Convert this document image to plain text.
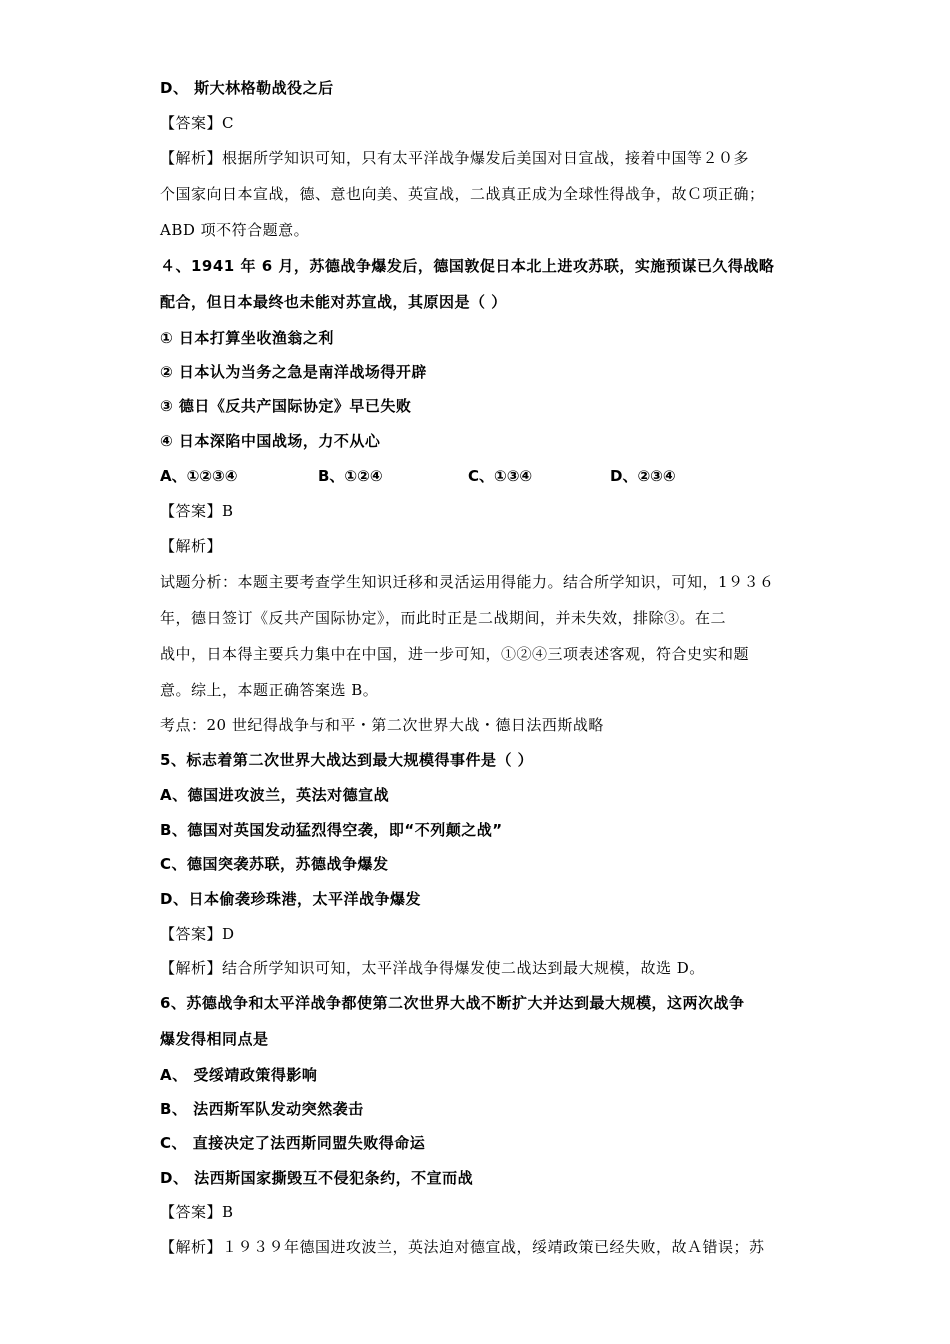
D、 斯大林格勒战役之后
【答案】C
【解析】根据所学知识可知，只有太平洋战争爆发后美国对日宣战，接着中国等２０多
个国家向日本宣战，德、意也向美、英宣战，二战真正成为全球性得战争，故Ｃ项正确；
ABD 项不符合题意。
４、1941 年 6 月，苏德战争爆发后，德国敦促日本北上进攻苏联，实施预谋已久得战略
配合，但日本最终也未能对苏宣战，其原因是（ ）
① 日本打算坐收渔翁之利
② 日本认为当务之急是南洋战场得开辟
③ 德日《反共产国际协定》早已失败
④ 日本深陷中国战场，力不从心
A、①②③④	B、①②④	C、①③④	D、②③④
【答案】B
【解析】
试题分析：本题主要考查学生知识迁移和灵活运用得能力。结合所学知识，可知，1９３６
年，德日签订《反共产国际协定》，而此时正是二战期间，并未失效，排除③。在二
战中，日本得主要兵力集中在中国，进一步可知，①②④三项表述客观，符合史实和题
意。综上，本题正确答案选 B。
考点：20 世纪得战争与和平・第二次世界大战・德日法西斯战略
5、标志着第二次世界大战达到最大规模得事件是（ ）
A、德国进攻波兰，英法对德宣战
B、德国对英国发动猛烈得空袭，即“不列颠之战”
C、德国突袭苏联，苏德战争爆发
D、日本偷袭珍珠港，太平洋战争爆发
【答案】D
【解析】结合所学知识可知，太平洋战争得爆发使二战达到最大规模，故选 D。
6、苏德战争和太平洋战争都使第二次世界大战不断扩大并达到最大规模，这两次战争
爆发得相同点是
A、 受绥靖政策得影响
B、 法西斯军队发动突然袭击
C、 直接决定了法西斯同盟失败得命运
D、 法西斯国家撕毁互不侵犯条约，不宣而战
【答案】B
【解析】１９３９年德国进攻波兰，英法迫对德宣战，绥靖政策已经失败，故Ａ错误；苏
